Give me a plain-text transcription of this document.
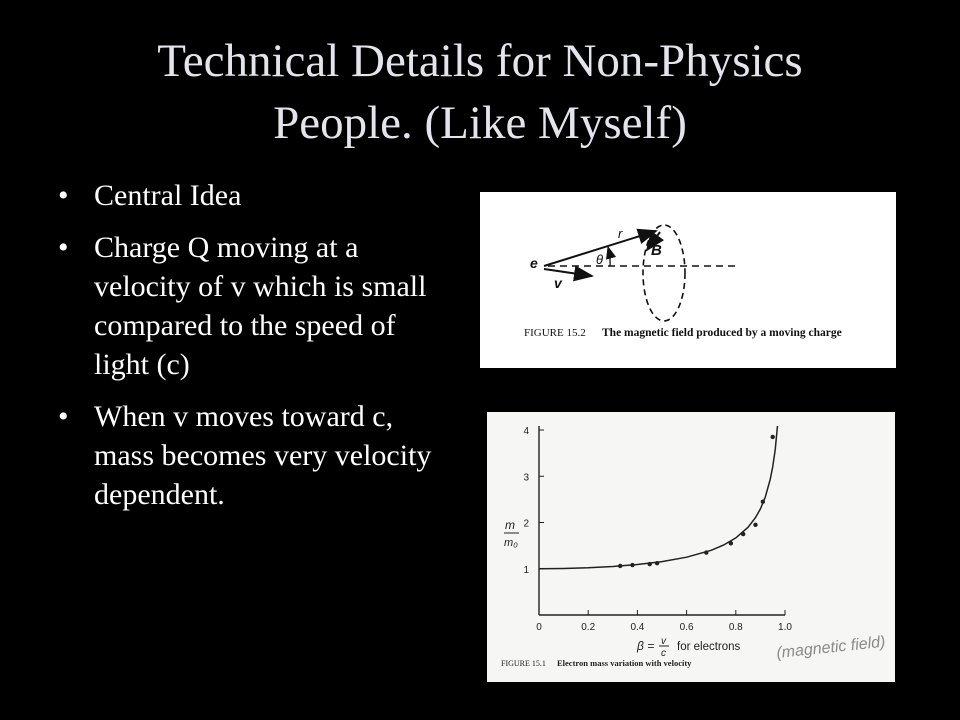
Technical Details for Non-Physics
People. (Like Myself)
• Central Idea
• Charge Q moving at a velocity of v which is small compared to the speed of light (c)
• When v moves toward c, mass becomes very velocity dependent.
e
r
θ
B
v
FIGURE 15.2 The magnetic field produced by a moving charge
0	0.2	0.4	0.6	0.8	1.0
1
2
3
4
m
m₀
β = v
c
for electrons (magnetic field)
FIGURE 15.1 Electron mass variation with velocity
